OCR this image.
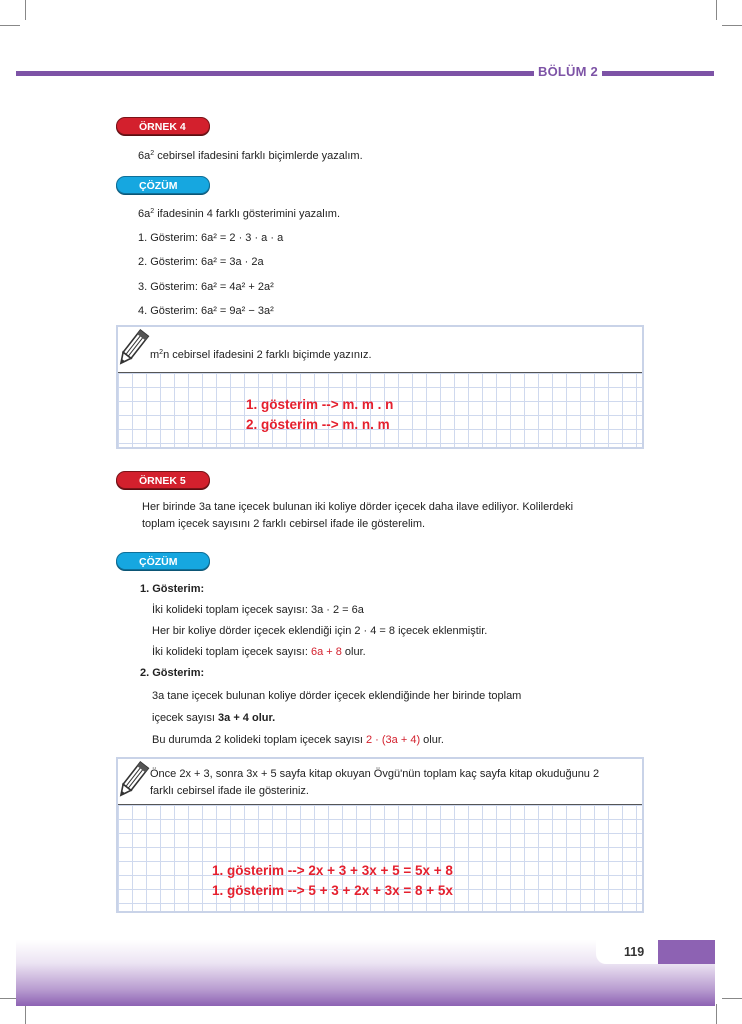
BÖLÜM 2
ÖRNEK 4
$6a^2$ cebirsel ifadesini farklı biçimlerde yazalım.
ÇÖZÜM
$6a^2$ ifadesinin 4 farklı gösterimini yazalım.
1. Gösterim: 6a² = 2 · 3 · a · a
2. Gösterim: 6a² = 3a · 2a
3. Gösterim: 6a² = 4a² + 2a²
4. Gösterim: 6a² = 9a² − 3a²
$m^2n$ cebirsel ifadesini 2 farklı biçimde yazınız.
1. gösterim --> m. m . n
2. gösterim --> m. n. m
ÖRNEK 5
Her birinde 3a tane içecek bulunan iki koliye dörder içecek daha ilave ediliyor. Kolilerdeki
toplam içecek sayısını 2 farklı cebirsel ifade ile gösterelim.
ÇÖZÜM
1. Gösterim:
İki kolideki toplam içecek sayısı: 3a · 2 = 6a
Her bir koliye dörder içecek eklendiği için 2 · 4 = 8 içecek eklenmiştir.
İki kolideki toplam içecek sayısı: 6a + 8 olur.
2. Gösterim:
3a tane içecek bulunan koliye dörder içecek eklendiğinde her birinde toplam
içecek sayısı 3a + 4 olur.
Bu durumda 2 kolideki toplam içecek sayısı 2 · (3a + 4) olur.
Önce 2x + 3, sonra 3x + 5 sayfa kitap okuyan Övgü'nün toplam kaç sayfa kitap okuduğunu 2
farklı cebirsel ifade ile gösteriniz.
1. gösterim --> 2x + 3 + 3x + 5 = 5x + 8
1. gösterim --> 5 + 3 + 2x + 3x = 8 + 5x
119
